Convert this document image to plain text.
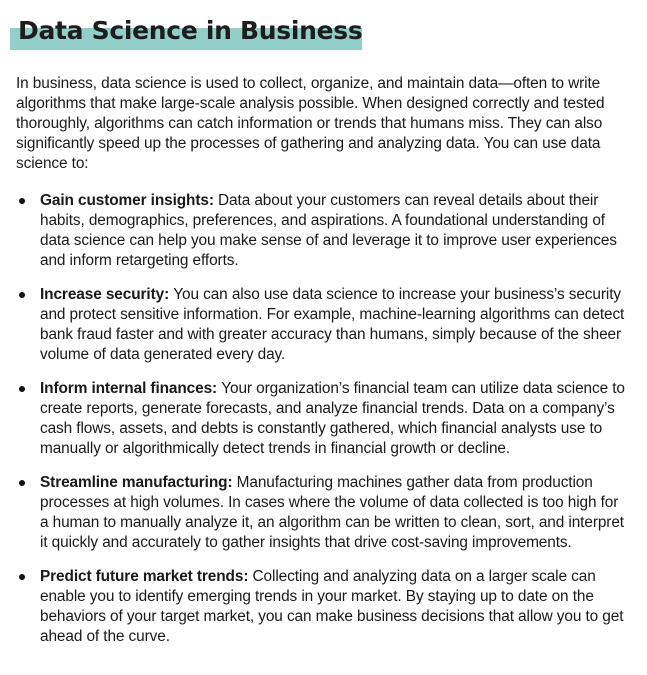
Data Science in Business

In business, data science is used to collect, organize, and maintain data—often to write algorithms that make large-scale analysis possible. When designed correctly and tested thoroughly, algorithms can catch information or trends that humans miss. They can also significantly speed up the processes of gathering and analyzing data. You can use data science to:

Gain customer insights: Data about your customers can reveal details about their habits, demographics, preferences, and aspirations. A foundational understanding of data science can help you make sense of and leverage it to improve user experiences and inform retargeting efforts.
Increase security: You can also use data science to increase your business’s security and protect sensitive information. For example, machine-learning algorithms can detect bank fraud faster and with greater accuracy than humans, simply because of the sheer volume of data generated every day.
Inform internal finances: Your organization’s financial team can utilize data science to create reports, generate forecasts, and analyze financial trends. Data on a company’s cash flows, assets, and debts is constantly gathered, which financial analysts use to manually or algorithmically detect trends in financial growth or decline.
Streamline manufacturing: Manufacturing machines gather data from production processes at high volumes. In cases where the volume of data collected is too high for a human to manually analyze it, an algorithm can be written to clean, sort, and interpret it quickly and accurately to gather insights that drive cost-saving improvements.
Predict future market trends: Collecting and analyzing data on a larger scale can enable you to identify emerging trends in your market. By staying up to date on the behaviors of your target market, you can make business decisions that allow you to get ahead of the curve.
